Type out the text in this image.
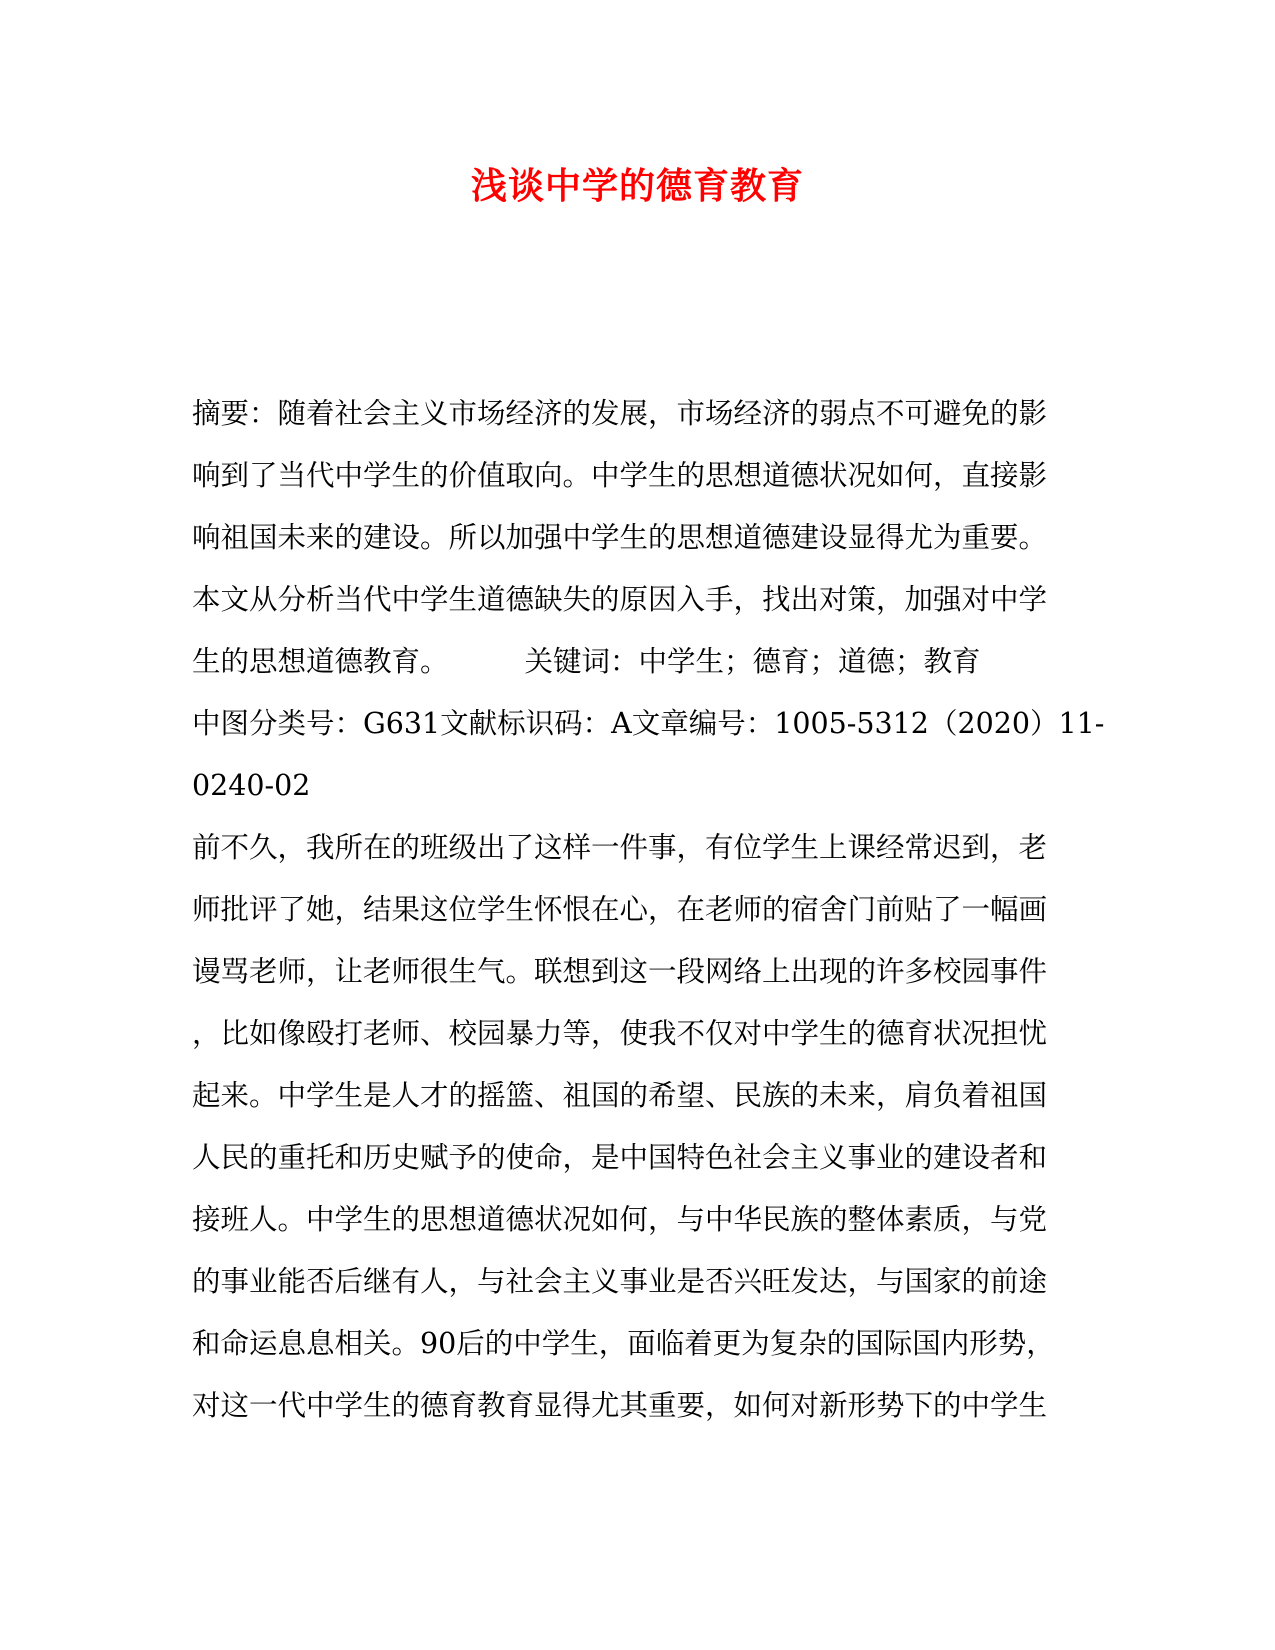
浅谈中学的德育教育
摘要：随着社会主义市场经济的发展，市场经济的弱点不可避免的影
响到了当代中学生的价值取向。中学生的思想道德状况如何，直接影
响祖国未来的建设。所以加强中学生的思想道德建设显得尤为重要。
本文从分析当代中学生道德缺失的原因入手，找出对策，加强对中学
生的思想道德教育。	关键词：中学生；德育；道德；教育
中图分类号：G631文献标识码：A文章编号：1005-5312（2020）11-
0240-02
前不久，我所在的班级出了这样一件事，有位学生上课经常迟到，老
师批评了她，结果这位学生怀恨在心，在老师的宿舍门前贴了一幅画
谩骂老师，让老师很生气。联想到这一段网络上出现的许多校园事件
，比如像殴打老师、校园暴力等，使我不仅对中学生的德育状况担忧
起来。中学生是人才的摇篮、祖国的希望、民族的未来，肩负着祖国
人民的重托和历史赋予的使命，是中国特色社会主义事业的建设者和
接班人。中学生的思想道德状况如何，与中华民族的整体素质，与党
的事业能否后继有人，与社会主义事业是否兴旺发达，与国家的前途
和命运息息相关。90后的中学生，面临着更为复杂的国际国内形势，
对这一代中学生的德育教育显得尤其重要，如何对新形势下的中学生
